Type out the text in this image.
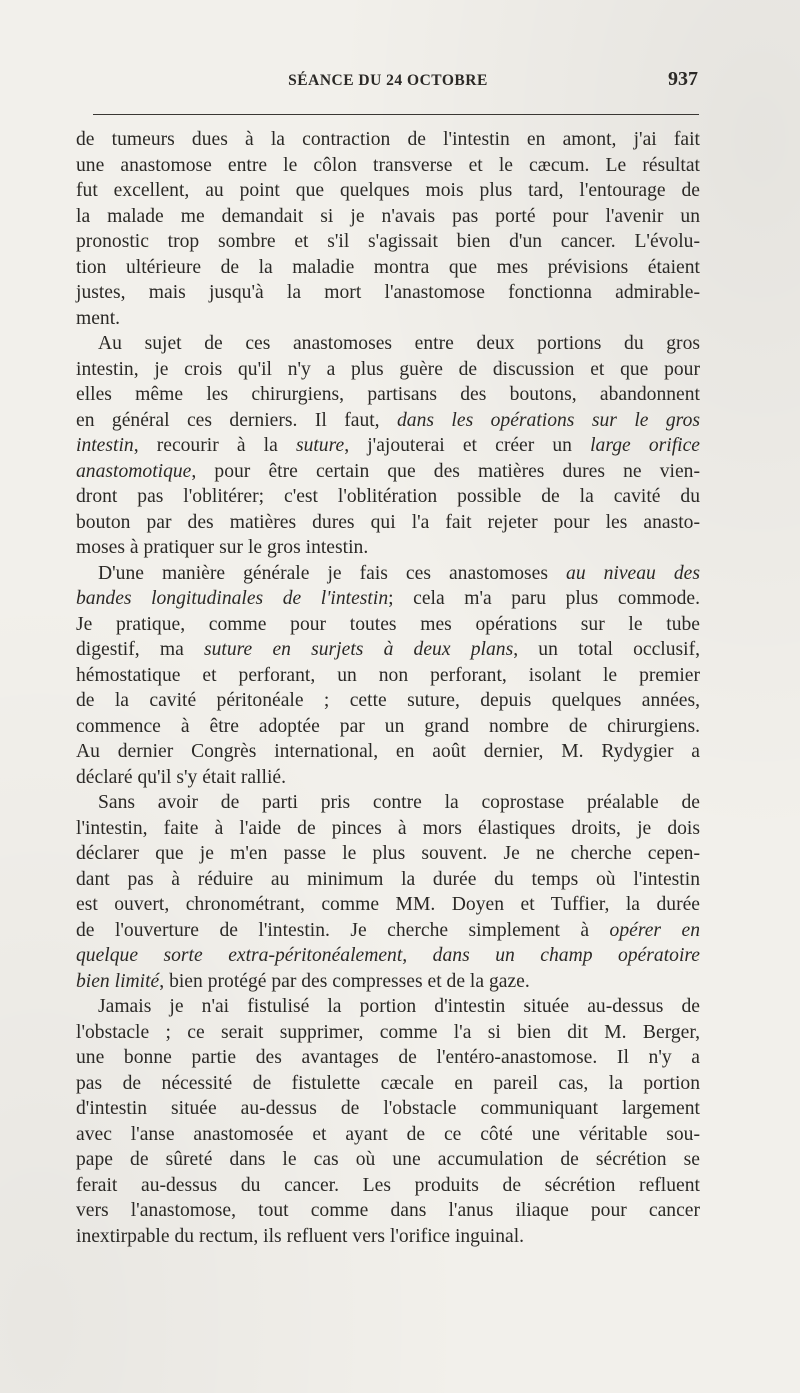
SÉANCE DU 24 OCTOBRE	937
de tumeurs dues à la contraction de l'intestin en amont, j'ai fait
une anastomose entre le côlon transverse et le cæcum. Le résultat
fut excellent, au point que quelques mois plus tard, l'entourage de
la malade me demandait si je n'avais pas porté pour l'avenir un
pronostic trop sombre et s'il s'agissait bien d'un cancer. L'évolu-
tion ultérieure de la maladie montra que mes prévisions étaient
justes, mais jusqu'à la mort l'anastomose fonctionna admirable-
ment.
Au sujet de ces anastomoses entre deux portions du gros
intestin, je crois qu'il n'y a plus guère de discussion et que pour
elles même les chirurgiens, partisans des boutons, abandonnent
en général ces derniers. Il faut, dans les opérations sur le gros
intestin, recourir à la suture, j'ajouterai et créer un large orifice
anastomotique, pour être certain que des matières dures ne vien-
dront pas l'oblitérer; c'est l'oblitération possible de la cavité du
bouton par des matières dures qui l'a fait rejeter pour les anasto-
moses à pratiquer sur le gros intestin.
D'une manière générale je fais ces anastomoses au niveau des
bandes longitudinales de l'intestin; cela m'a paru plus commode.
Je pratique, comme pour toutes mes opérations sur le tube
digestif, ma suture en surjets à deux plans, un total occlusif,
hémostatique et perforant, un non perforant, isolant le premier
de la cavité péritonéale ; cette suture, depuis quelques années,
commence à être adoptée par un grand nombre de chirurgiens.
Au dernier Congrès international, en août dernier, M. Rydygier a
déclaré qu'il s'y était rallié.
Sans avoir de parti pris contre la coprostase préalable de
l'intestin, faite à l'aide de pinces à mors élastiques droits, je dois
déclarer que je m'en passe le plus souvent. Je ne cherche cepen-
dant pas à réduire au minimum la durée du temps où l'intestin
est ouvert, chronométrant, comme MM. Doyen et Tuffier, la durée
de l'ouverture de l'intestin. Je cherche simplement à opérer en
quelque sorte extra-péritonéalement, dans un champ opératoire
bien limité, bien protégé par des compresses et de la gaze.
Jamais je n'ai fistulisé la portion d'intestin située au-dessus de
l'obstacle ; ce serait supprimer, comme l'a si bien dit M. Berger,
une bonne partie des avantages de l'entéro-anastomose. Il n'y a
pas de nécessité de fistulette cæcale en pareil cas, la portion
d'intestin située au-dessus de l'obstacle communiquant largement
avec l'anse anastomosée et ayant de ce côté une véritable sou-
pape de sûreté dans le cas où une accumulation de sécrétion se
ferait au-dessus du cancer. Les produits de sécrétion refluent
vers l'anastomose, tout comme dans l'anus iliaque pour cancer
inextirpable du rectum, ils refluent vers l'orifice inguinal.
